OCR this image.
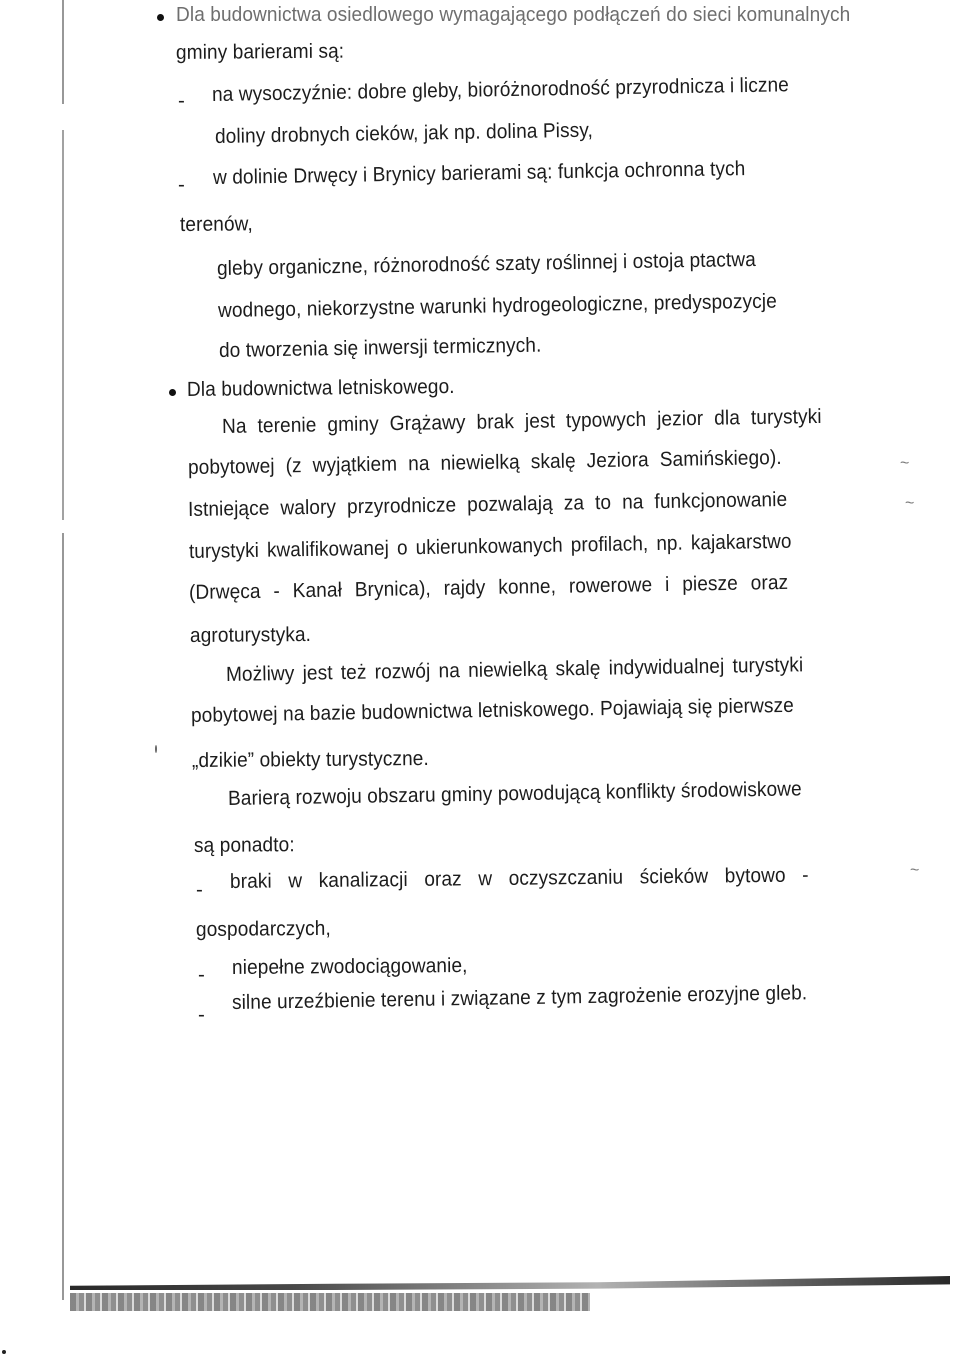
Dla budownictwa osiedlowego wymagającego podłączeń do sieci komunalnych
gminy barierami są:
- na wysoczyźnie: dobre gleby, bioróżnorodność przyrodnicza i liczne
doliny drobnych cieków, jak np. dolina Pissy,
- w dolinie Drwęcy i Brynicy barierami są: funkcja ochronna tych
terenów,
gleby organiczne, różnorodność szaty roślinnej i ostoja ptactwa
wodnego, niekorzystne warunki hydrogeologiczne, predyspozycje
do tworzenia się inwersji termicznych.
Dla budownictwa letniskowego.
Na terenie gminy Grążawy brak jest typowych jezior dla turystyki
pobytowej (z wyjątkiem na niewielką skalę Jeziora Samińskiego).
Istniejące walory przyrodnicze pozwalają za to na funkcjonowanie
turystyki kwalifikowanej o ukierunkowanych profilach, np. kajakarstwo
(Drwęca - Kanał Brynica), rajdy konne, rowerowe i piesze oraz
agroturystyka.
Możliwy jest też rozwój na niewielką skalę indywidualnej turystyki
pobytowej na bazie budownictwa letniskowego. Pojawiają się pierwsze
„dzikie” obiekty turystyczne.
Barierą rozwoju obszaru gminy powodującą konflikty środowiskowe
są ponadto:
- braki w kanalizacji oraz w oczyszczaniu ścieków bytowo -
gospodarczych,
- niepełne zwodociągowanie,
-
silne urzeźbienie terenu i związane z tym zagrożenie erozyjne gleb.
~
~
~
